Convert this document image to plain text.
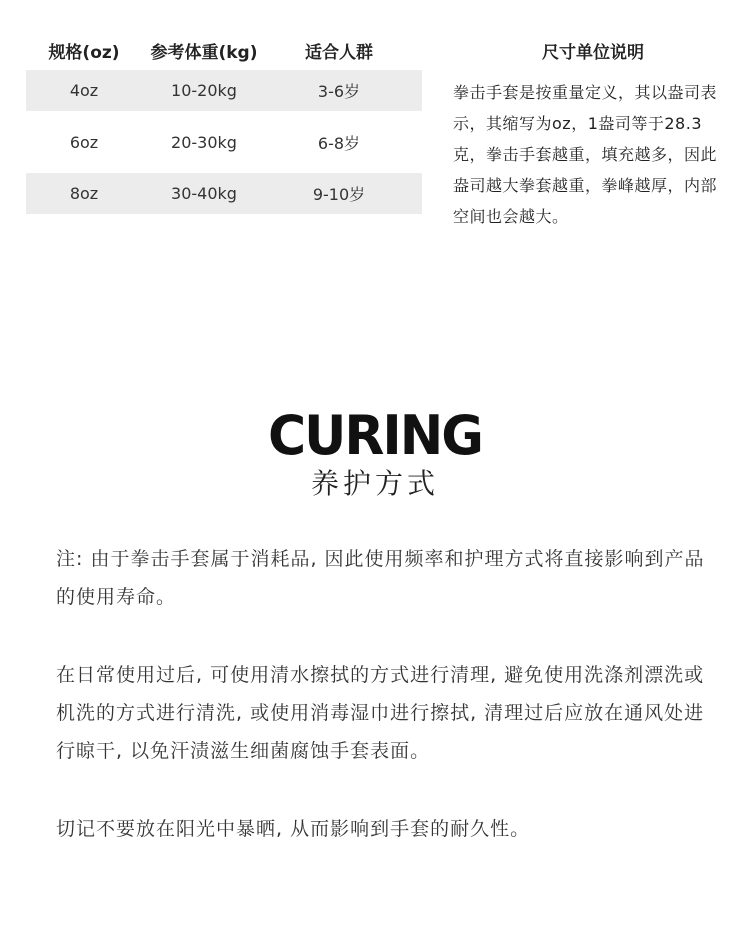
规格(oz)	参考体重(kg)	适合人群
4oz	10-20kg	3-6岁
6oz	20-30kg	6-8岁
8oz	30-40kg	9-10岁
尺寸单位说明
拳击手套是按重量定义，其以盎司表示，其缩写为oz，1盎司等于28.3克，拳击手套越重，填充越多，因此盎司越大拳套越重，拳峰越厚，内部空间也会越大。
CURING
养护方式
注: 由于拳击手套属于消耗品, 因此使用频率和护理方式将直接影响到产品的使用寿命。
在日常使用过后, 可使用清水擦拭的方式进行清理, 避免使用洗涤剂漂洗或机洗的方式进行清洗, 或使用消毒湿巾进行擦拭, 清理过后应放在通风处进行晾干, 以免汗渍滋生细菌腐蚀手套表面。
切记不要放在阳光中暴晒, 从而影响到手套的耐久性。
